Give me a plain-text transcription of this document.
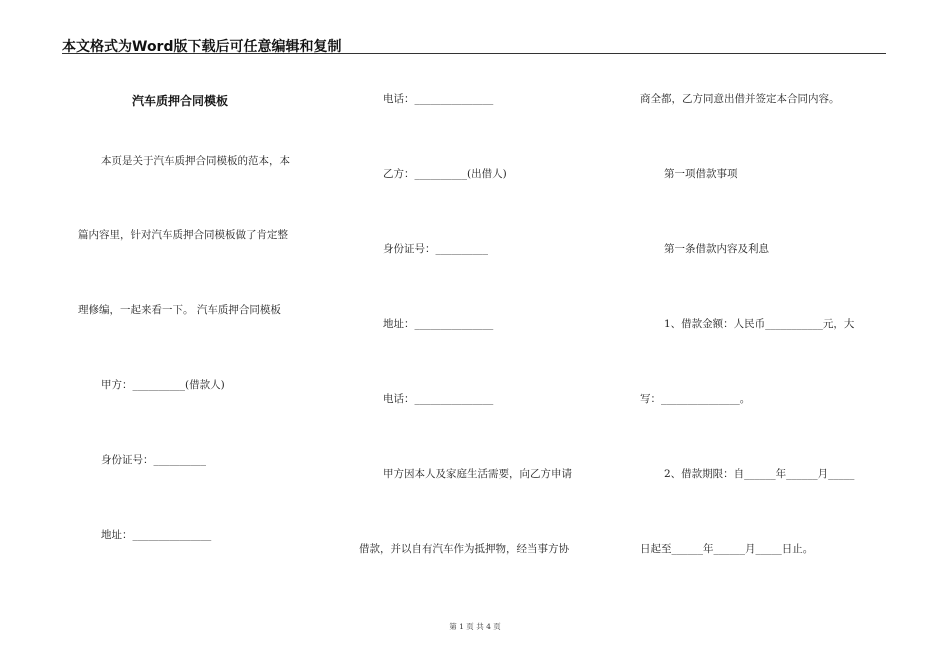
本文格式为Word版下载后可任意编辑和复制
汽车质押合同模板
本页是关于汽车质押合同模板的范本，本
篇内容里，针对汽车质押合同模板做了肯定整
理修编，一起来看一下。 汽车质押合同模板
甲方：__________(借款人)
身份证号：__________
地址：_______________
电话：_______________
乙方：__________(出借人)
身份证号：__________
地址：_______________
电话：_______________
甲方因本人及家庭生活需要，向乙方申请
借款，并以自有汽车作为抵押物，经当事方协
商全都，乙方同意出借并签定本合同内容。
第一项借款事项
第一条借款内容及利息
1、借款金额：人民币___________元，大
写：_______________。
2、借款期限：自______年______月_____
日起至______年______月_____日止。
第 1 页 共 4 页
